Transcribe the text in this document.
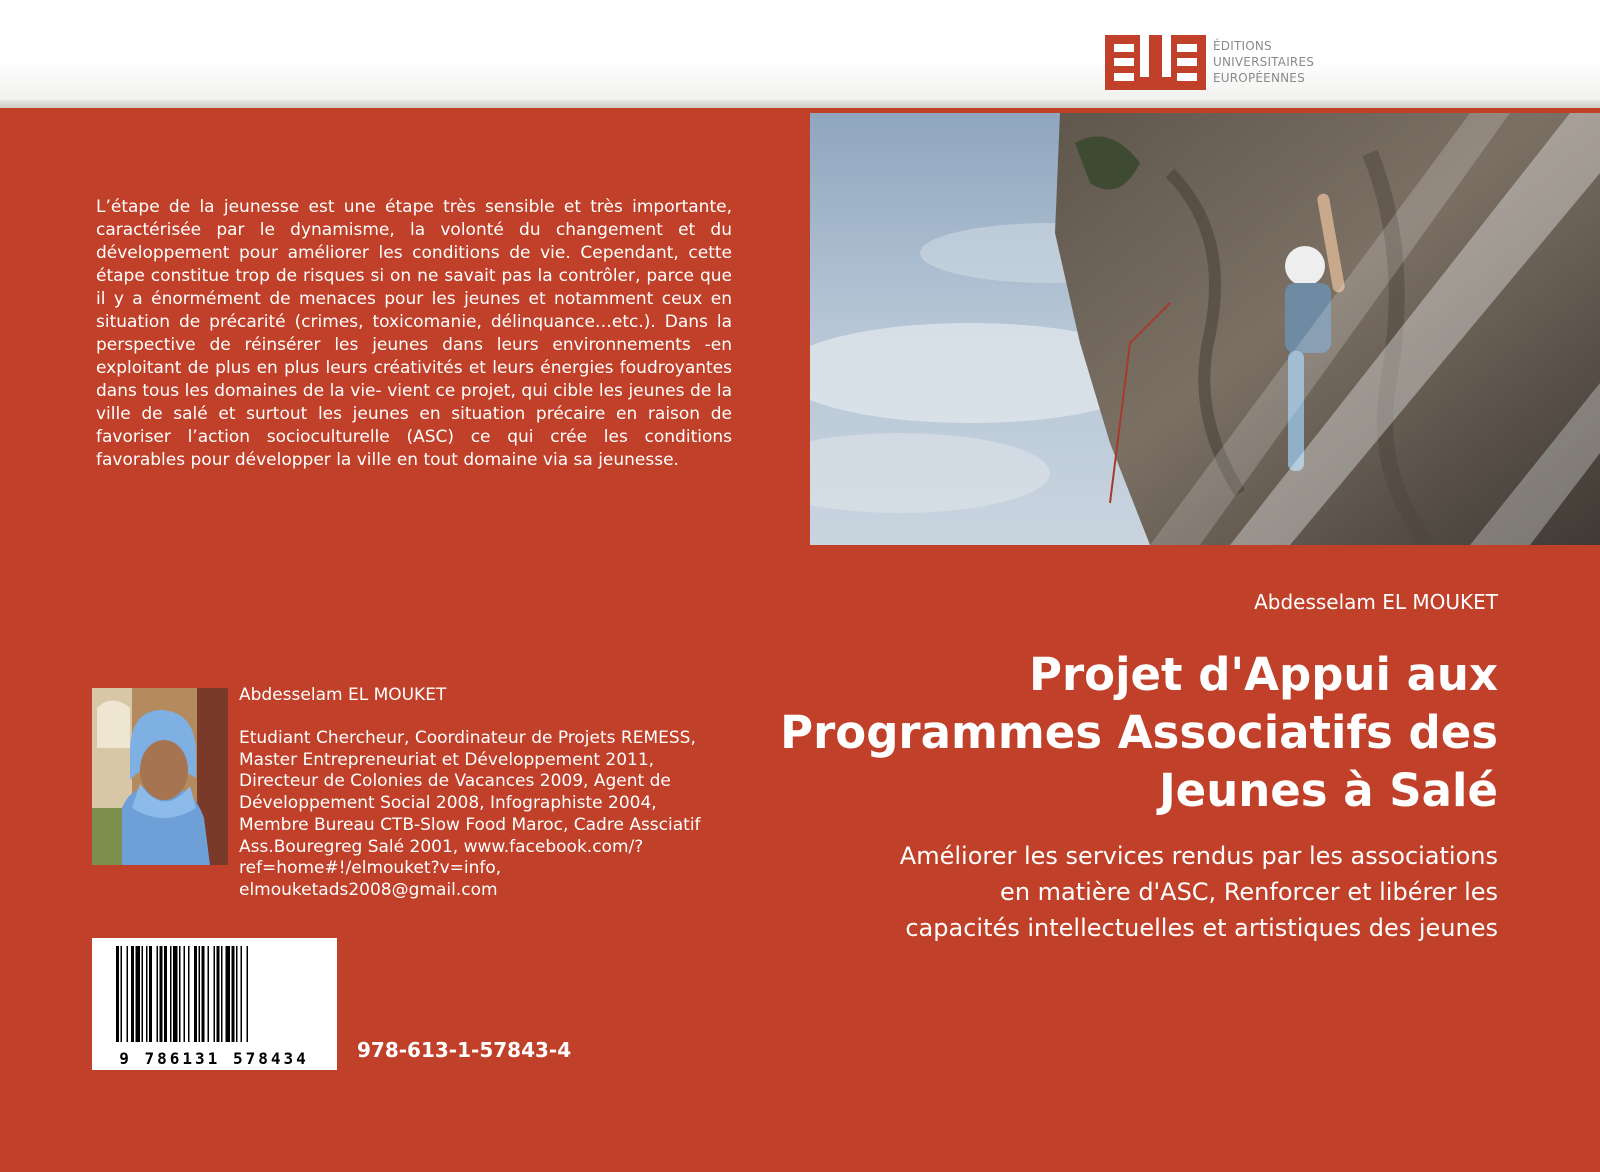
ÉDITIONS
UNIVERSITAIRES
EUROPÉENNES
L’étape de la jeunesse est une étape très sensible et très importante, caractérisée par le dynamisme, la volonté du changement et du développement pour améliorer les conditions de vie. Cependant, cette étape constitue trop de risques si on ne savait pas la contrôler, parce que il y a énormément de menaces pour les jeunes et notamment ceux en situation de précarité (crimes, toxicomanie, délinquance…etc.). Dans la perspective de réinsérer les jeunes dans leurs environnements -en exploitant de plus en plus leurs créativités et leurs énergies foudroyantes dans tous les domaines de la vie- vient ce projet, qui cible les jeunes de la ville de salé et surtout les jeunes en situation précaire en raison de favoriser l’action socioculturelle (ASC) ce qui crée les conditions favorables pour développer la ville en tout domaine via sa jeunesse.
Abdesselam EL MOUKET
Projet d'Appui aux
Programmes Associatifs des
Jeunes à Salé
Améliorer les services rendus par les associations
en matière d'ASC, Renforcer et libérer les
capacités intellectuelles et artistiques des jeunes
Abdesselam EL MOUKET
Etudiant Chercheur, Coordinateur de Projets REMESS,
Master Entrepreneuriat et Développement 2011,
Directeur de Colonies de Vacances 2009, Agent de
Développement Social 2008, Infographiste 2004,
Membre Bureau CTB-Slow Food Maroc, Cadre Assciatif
Ass.Bouregreg Salé 2001, www.facebook.com/?
ref=home#!/elmouket?v=info,
elmouketads2008@gmail.com
9 786131 578434 978-613-1-57843-4
